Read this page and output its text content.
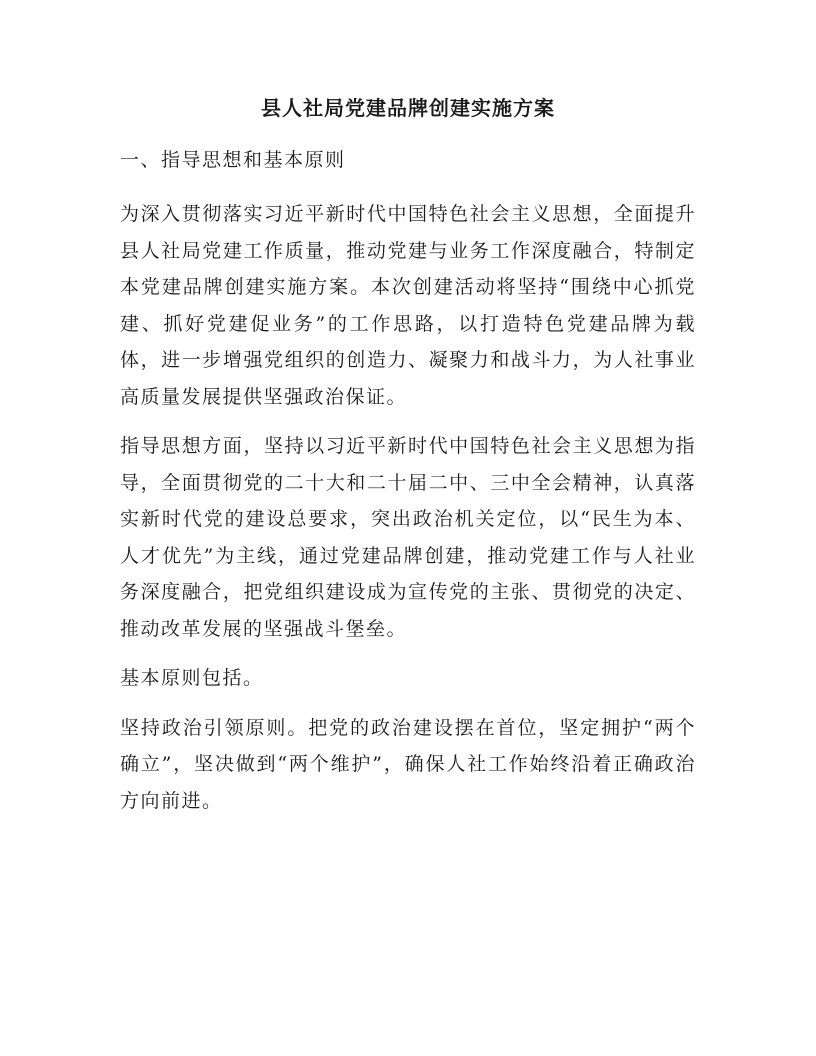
县人社局党建品牌创建实施方案
一、指导思想和基本原则

为深入贯彻落实习近平新时代中国特色社会主义思想，全面提升县人社局党建工作质量，推动党建与业务工作深度融合，特制定本党建品牌创建实施方案。本次创建活动将坚持“围绕中心抓党建、抓好党建促业务”的工作思路，以打造特色党建品牌为载体，进一步增强党组织的创造力、凝聚力和战斗力，为人社事业高质量发展提供坚强政治保证。

指导思想方面，坚持以习近平新时代中国特色社会主义思想为指导，全面贯彻党的二十大和二十届二中、三中全会精神，认真落实新时代党的建设总要求，突出政治机关定位，以“民生为本、人才优先”为主线，通过党建品牌创建，推动党建工作与人社业务深度融合，把党组织建设成为宣传党的主张、贯彻党的决定、推动改革发展的坚强战斗堡垒。

基本原则包括。

坚持政治引领原则。把党的政治建设摆在首位，坚定拥护“两个确立”，坚决做到“两个维护”，确保人社工作始终沿着正确政治方向前进。
